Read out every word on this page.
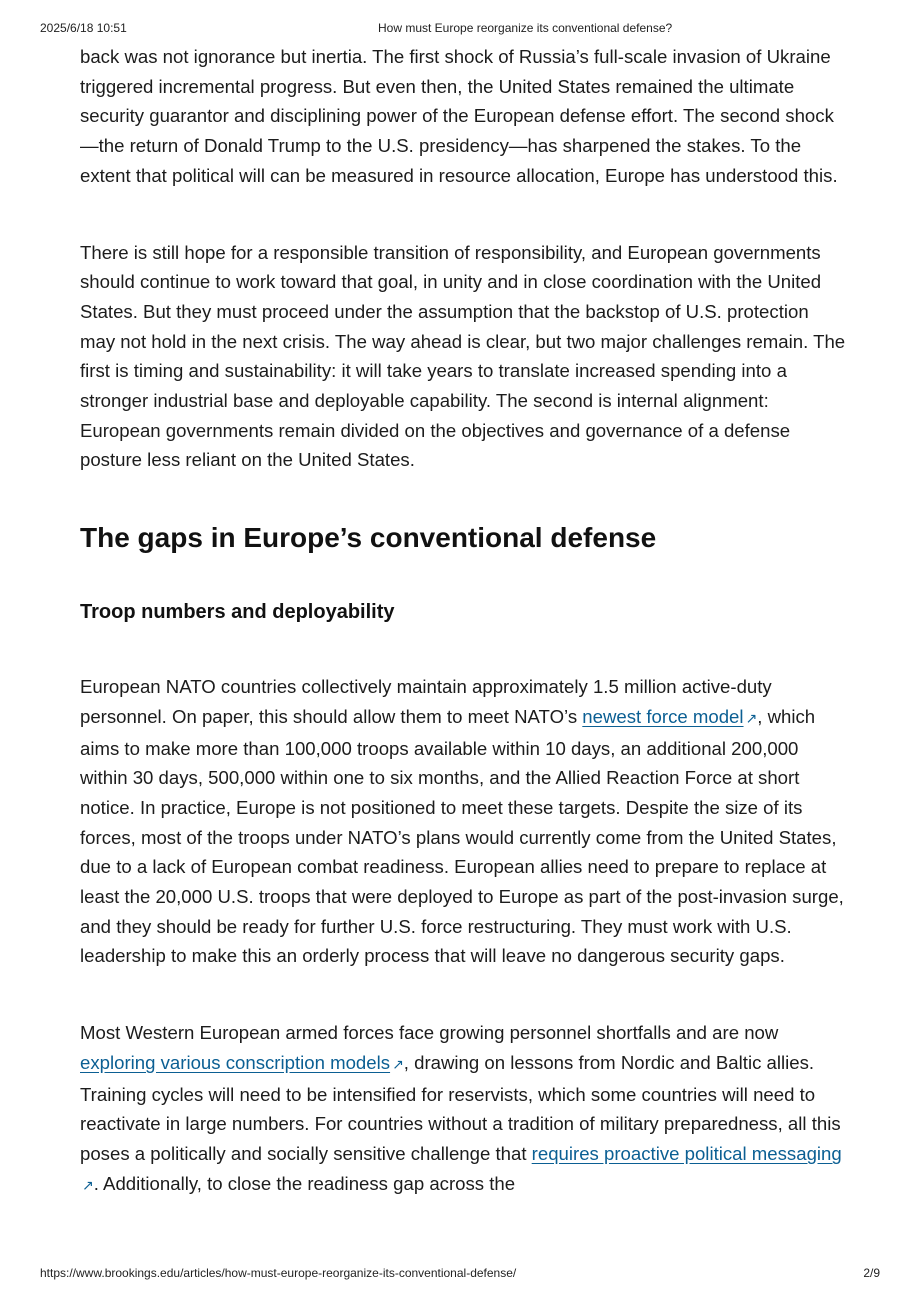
2025/6/18 10:51	How must Europe reorganize its conventional defense?

back was not ignorance but inertia. The first shock of Russia’s full-scale invasion of Ukraine triggered incremental progress. But even then, the United States remained the ultimate security guarantor and disciplining power of the European defense effort. The second shock—the return of Donald Trump to the U.S. presidency—has sharpened the stakes. To the extent that political will can be measured in resource allocation, Europe has understood this.

There is still hope for a responsible transition of responsibility, and European governments should continue to work toward that goal, in unity and in close coordination with the United States. But they must proceed under the assumption that the backstop of U.S. protection may not hold in the next crisis. The way ahead is clear, but two major challenges remain. The first is timing and sustainability: it will take years to translate increased spending into a stronger industrial base and deployable capability. The second is internal alignment: European governments remain divided on the objectives and governance of a defense posture less reliant on the United States.

The gaps in Europe’s conventional defense
Troop numbers and deployability

European NATO countries collectively maintain approximately 1.5 million active-duty personnel. On paper, this should allow them to meet NATO’s newest force model ↗, which aims to make more than 100,000 troops available within 10 days, an additional 200,000 within 30 days, 500,000 within one to six months, and the Allied Reaction Force at short notice. In practice, Europe is not positioned to meet these targets. Despite the size of its forces, most of the troops under NATO’s plans would currently come from the United States, due to a lack of European combat readiness. European allies need to prepare to replace at least the 20,000 U.S. troops that were deployed to Europe as part of the post-invasion surge, and they should be ready for further U.S. force restructuring. They must work with U.S. leadership to make this an orderly process that will leave no dangerous security gaps.

Most Western European armed forces face growing personnel shortfalls and are now exploring various conscription models ↗, drawing on lessons from Nordic and Baltic allies. Training cycles will need to be intensified for reservists, which some countries will need to reactivate in large numbers. For countries without a tradition of military preparedness, all this poses a politically and socially sensitive challenge that requires proactive political messaging↗. Additionally, to close the readiness gap across the

https://www.brookings.edu/articles/how-must-europe-reorganize-its-conventional-defense/	2/9
